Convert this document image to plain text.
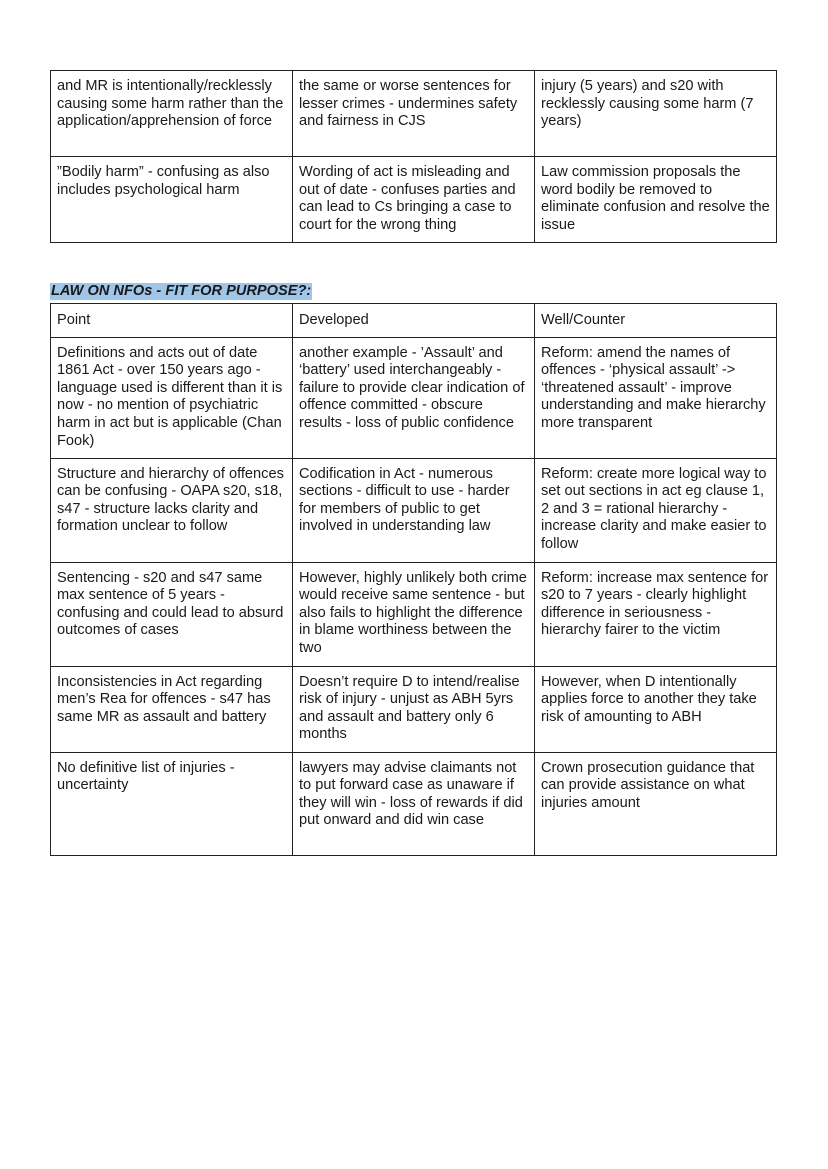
and MR is intentionally/recklessly causing some harm rather than the application/apprehension of force	the same or worse sentences for lesser crimes - undermines safety and fairness in CJS	injury (5 years) and s20 with recklessly causing some harm (7 years)
”Bodily harm” - confusing as also includes psychological harm	Wording of act is misleading and out of date - confuses parties and can lead to Cs bringing a case to court for the wrong thing	Law commission proposals the word bodily be removed to eliminate confusion and resolve the issue

LAW ON NFOs - FIT FOR PURPOSE?:

Point	Developed	Well/Counter
Definitions and acts out of date 1861 Act - over 150 years ago - language used is different than it is now - no mention of psychiatric harm in act but is applicable (Chan Fook)	another example - ’Assault’ and ‘battery’ used interchangeably - failure to provide clear indication of offence committed - obscure results - loss of public confidence	Reform: amend the names of offences - ‘physical assault’ -> ‘threatened assault’ - improve understanding and make hierarchy more transparent
Structure and hierarchy of offences can be confusing - OAPA s20, s18, s47 - structure lacks clarity and formation unclear to follow	Codification in Act - numerous sections - difficult to use - harder for members of public to get involved in understanding law	Reform: create more logical way to set out sections in act eg clause 1, 2 and 3 = rational hierarchy - increase clarity and make easier to follow
Sentencing - s20 and s47 same max sentence of 5 years - confusing and could lead to absurd outcomes of cases	However, highly unlikely both crime would receive same sentence - but also fails to highlight the difference in blame worthiness between the two	Reform: increase max sentence for s20 to 7 years - clearly highlight difference in seriousness - hierarchy fairer to the victim
Inconsistencies in Act regarding men’s Rea for offences - s47 has same MR as assault and battery	Doesn’t require D to intend/realise risk of injury - unjust as ABH 5yrs and assault and battery only 6 months	However, when D intentionally applies force to another they take risk of amounting to ABH
No definitive list of injuries - uncertainty	lawyers may advise claimants not to put forward case as unaware if they will win - loss of rewards if did put onward and did win case	Crown prosecution guidance that can provide assistance on what injuries amount
